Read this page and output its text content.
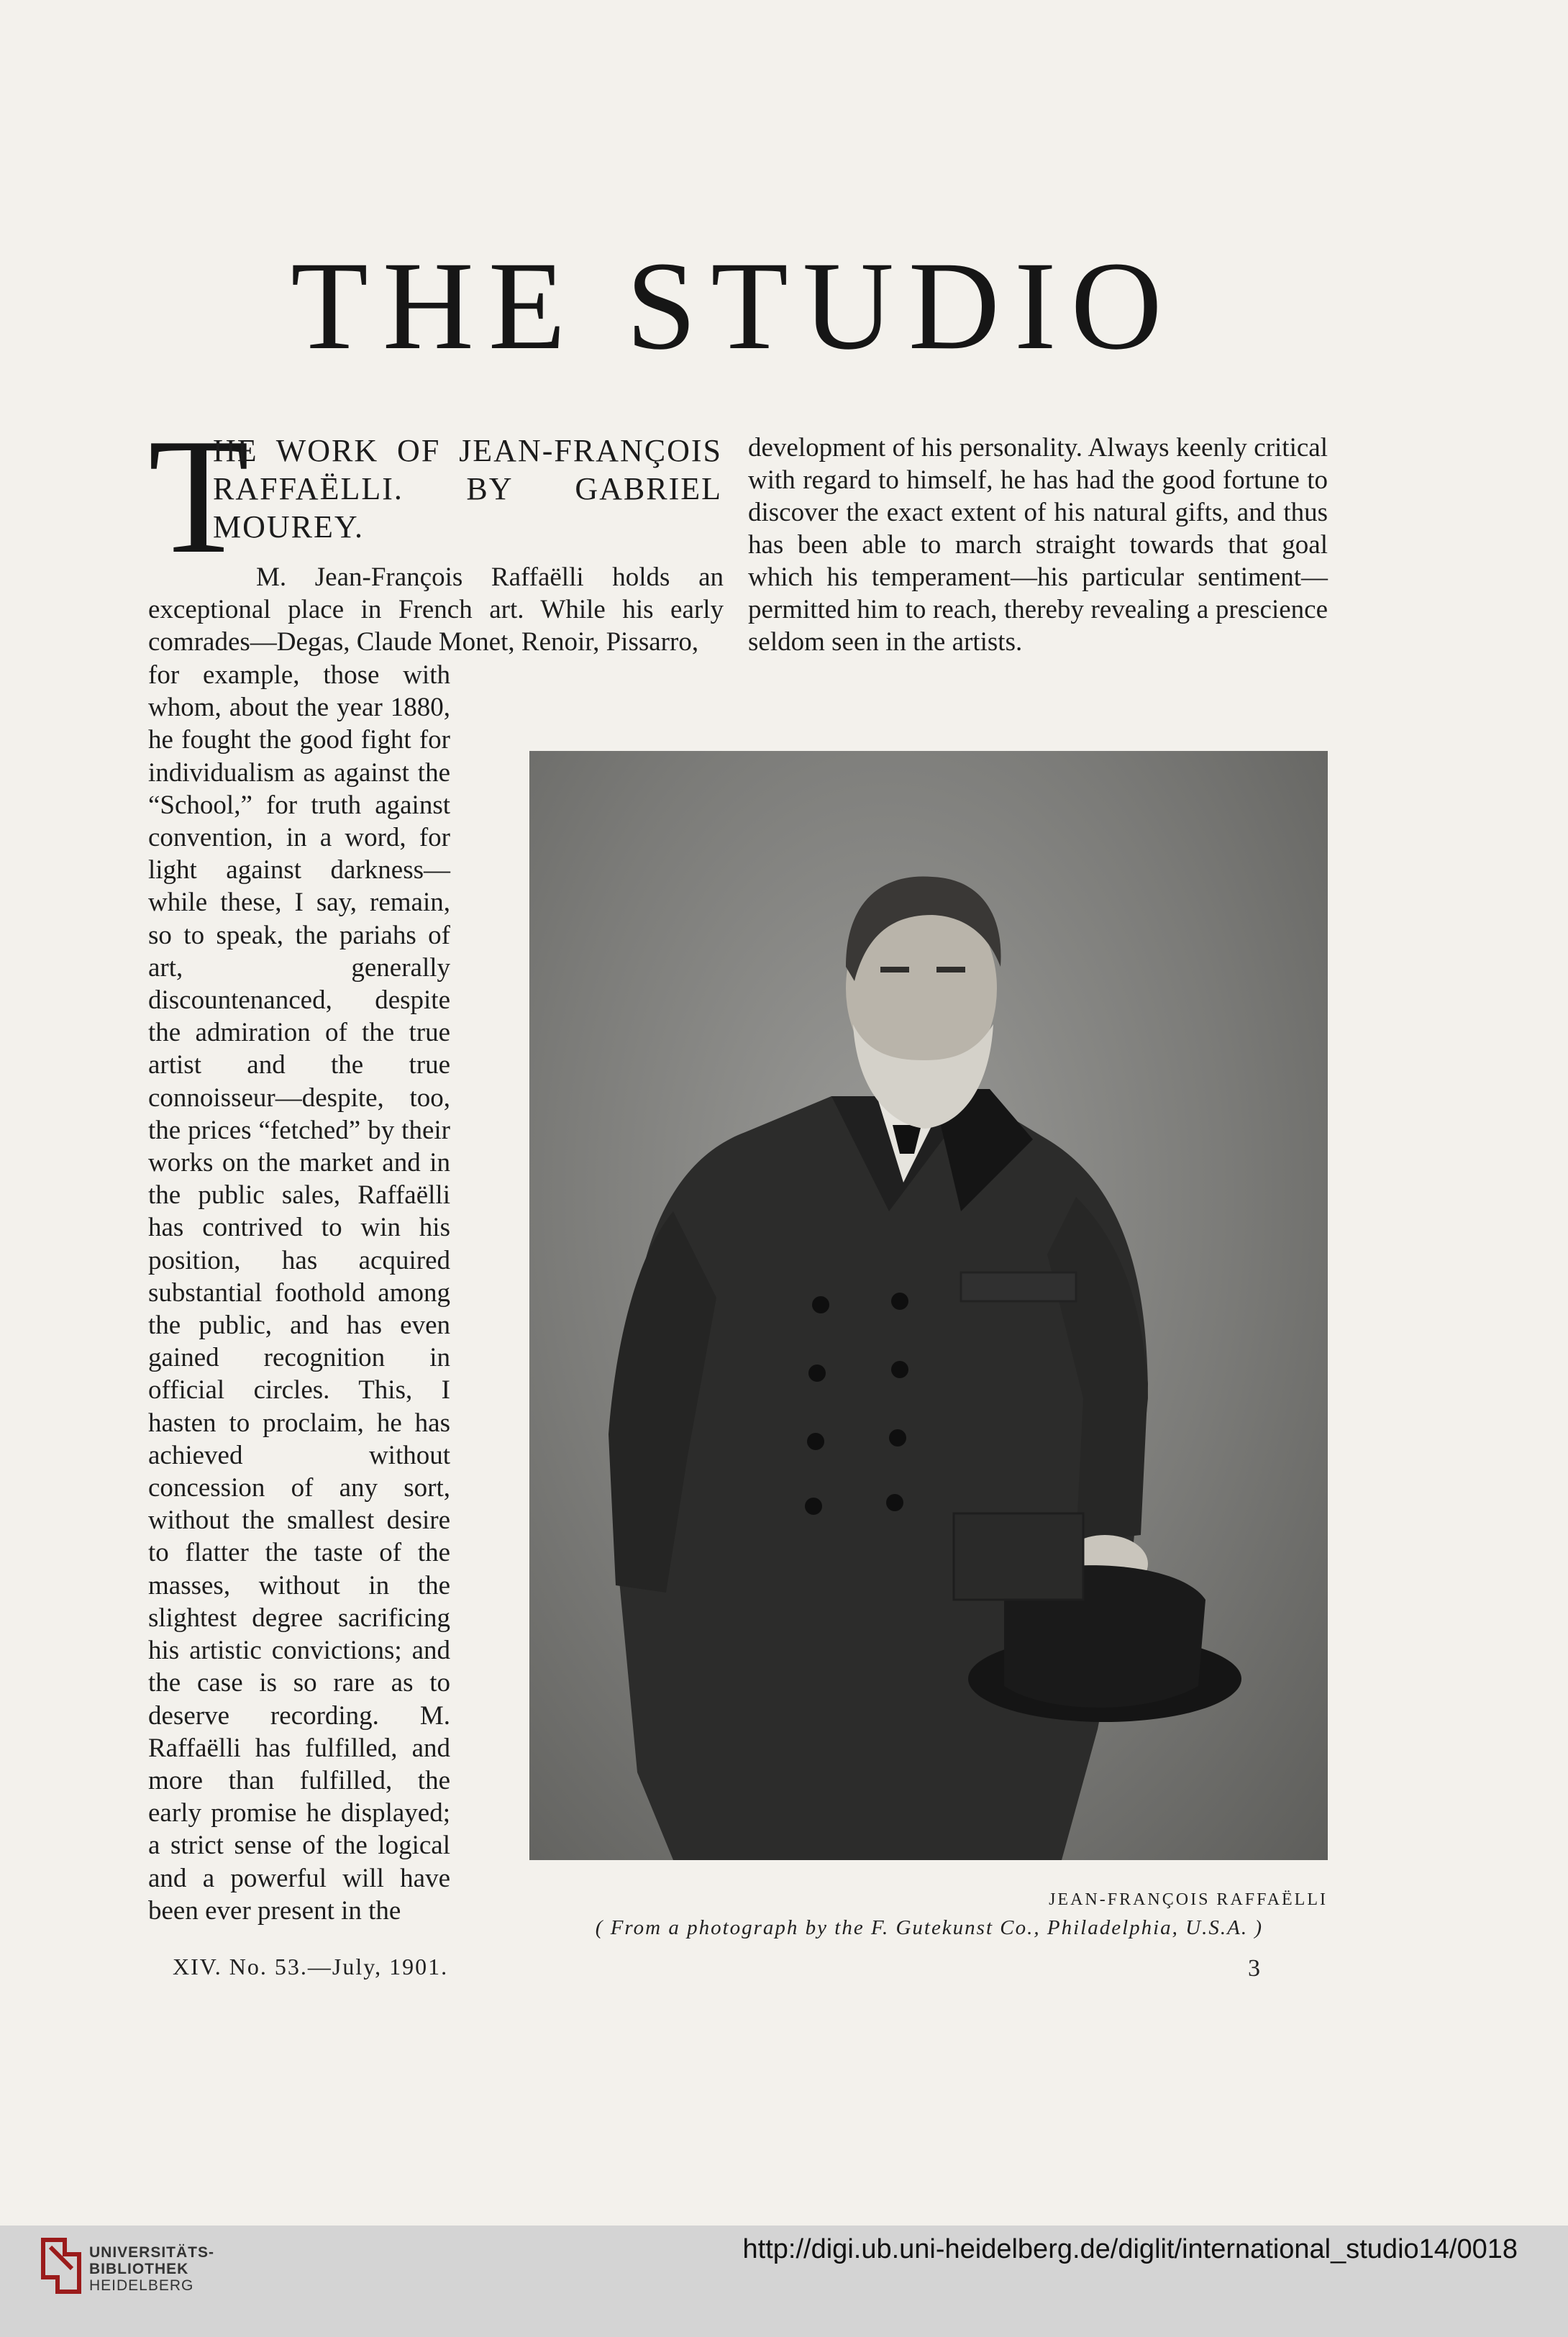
THE STUDIO
T
HE WORK OF JEAN-FRANÇOIS RAFFAËLLI. BY GABRIEL MOUREY.

M. Jean-François Raffaëlli holds an exceptional place in French art. While his early comrades—Degas, Claude Monet, Renoir, Pissarro,

for example, those with whom, about the year 1880, he fought the good fight for individualism as against the “School,” for truth against convention, in a word, for light against darkness—while these, I say, remain, so to speak, the pariahs of art, generally discountenanced, despite the admiration of the true artist and the true connoisseur—despite, too, the prices “fetched” by their works on the market and in the public sales, Raffaëlli has contrived to win his position, has acquired substantial foothold among the public, and has even gained recognition in official circles. This, I hasten to proclaim, he has achieved without concession of any sort, without the smallest desire to flatter the taste of the masses, without in the slightest degree sacrificing his artistic convictions; and the case is so rare as to deserve recording. M. Raffaëlli has fulfilled, and more than fulfilled, the early promise he displayed; a strict sense of the logical and a powerful will have been ever present in the

development of his personality. Always keenly critical with regard to himself, he has had the good fortune to discover the exact extent of his natural gifts, and thus has been able to march straight towards that goal which his temperament—his particular sentiment—permitted him to reach, thereby revealing a prescience seldom seen in the artists.

JEAN-FRANÇOIS RAFFAËLLI
( From a photograph by the F. Gutekunst Co., Philadelphia, U.S.A. )
XIV. No. 53.—July, 1901.	3
UNIVERSITÄTS-
BIBLIOTHEK
HEIDELBERG
http://digi.ub.uni-heidelberg.de/diglit/international_studio14/0018
